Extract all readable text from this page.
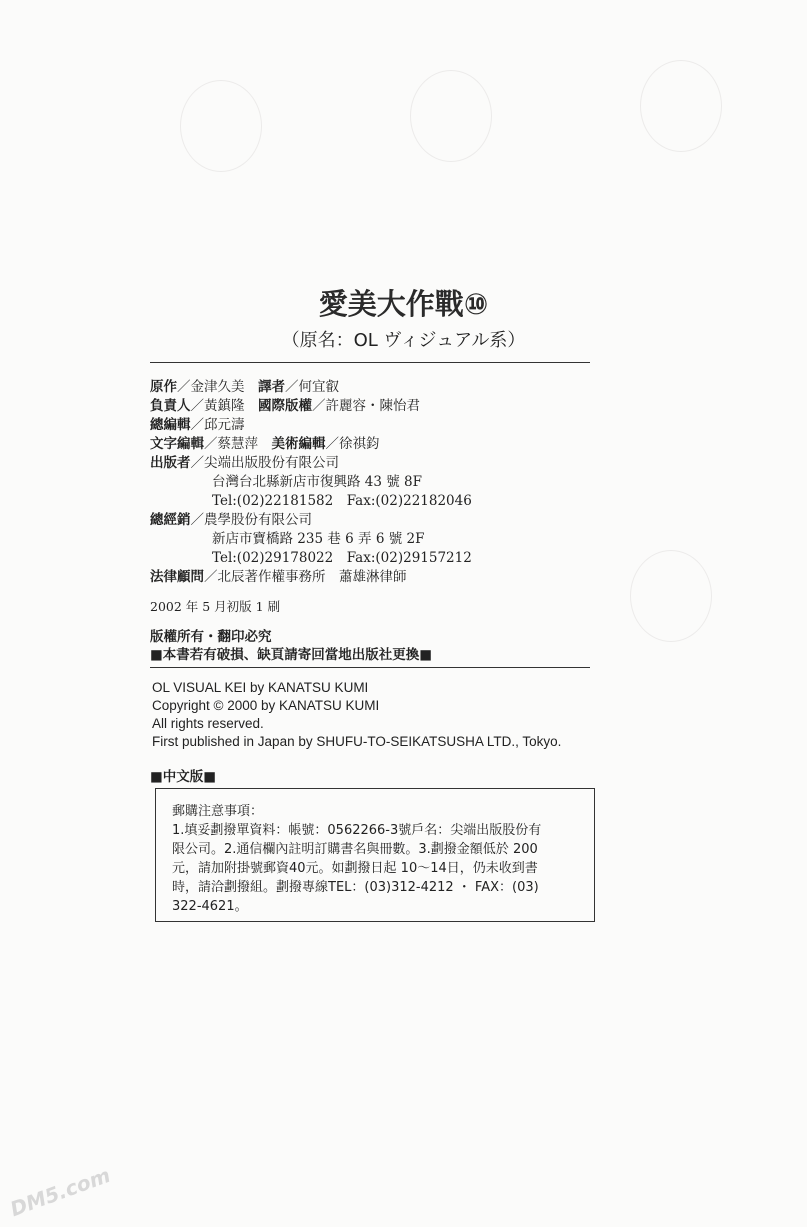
愛美大作戰⑩
（原名：OL ヴィジュアル系）
原作／金津久美　 譯者／何宜叡
負責人／黃鎮隆　 國際版權／許麗容・陳怡君
總編輯／邱元濤
文字編輯／蔡慧萍　 美術編輯／徐祺鈞
出版者／尖端出版股份有限公司
台灣台北縣新店市復興路 43 號 8F
Tel:(02)22181582　Fax:(02)22182046
總經銷／農學股份有限公司
新店市寶橋路 235 巷 6 弄 6 號 2F
Tel:(02)29178022　Fax:(02)29157212
法律顧問／北辰著作權事務所　蕭雄淋律師
2002 年 5 月初版 1 刷
版權所有・翻印必究
■本書若有破損、缺頁請寄回當地出版社更換■
OL VISUAL KEI by KANATSU KUMI
Copyright © 2000 by KANATSU KUMI
All rights reserved.
First published in Japan by SHUFU-TO-SEIKATSUSHA LTD., Tokyo.
■中文版■
郵購注意事項：
1.填妥劃撥單資料：帳號：0562266-3號戶名：尖端出版股份有
限公司。2.通信欄內註明訂購書名與冊數。3.劃撥金額低於 200
元，請加附掛號郵資40元。如劃撥日起 10～14日，仍未收到書
時，請洽劃撥組。劃撥專線TEL：(03)312-4212 ・ FAX：(03)
322-4621。
DM5.com
